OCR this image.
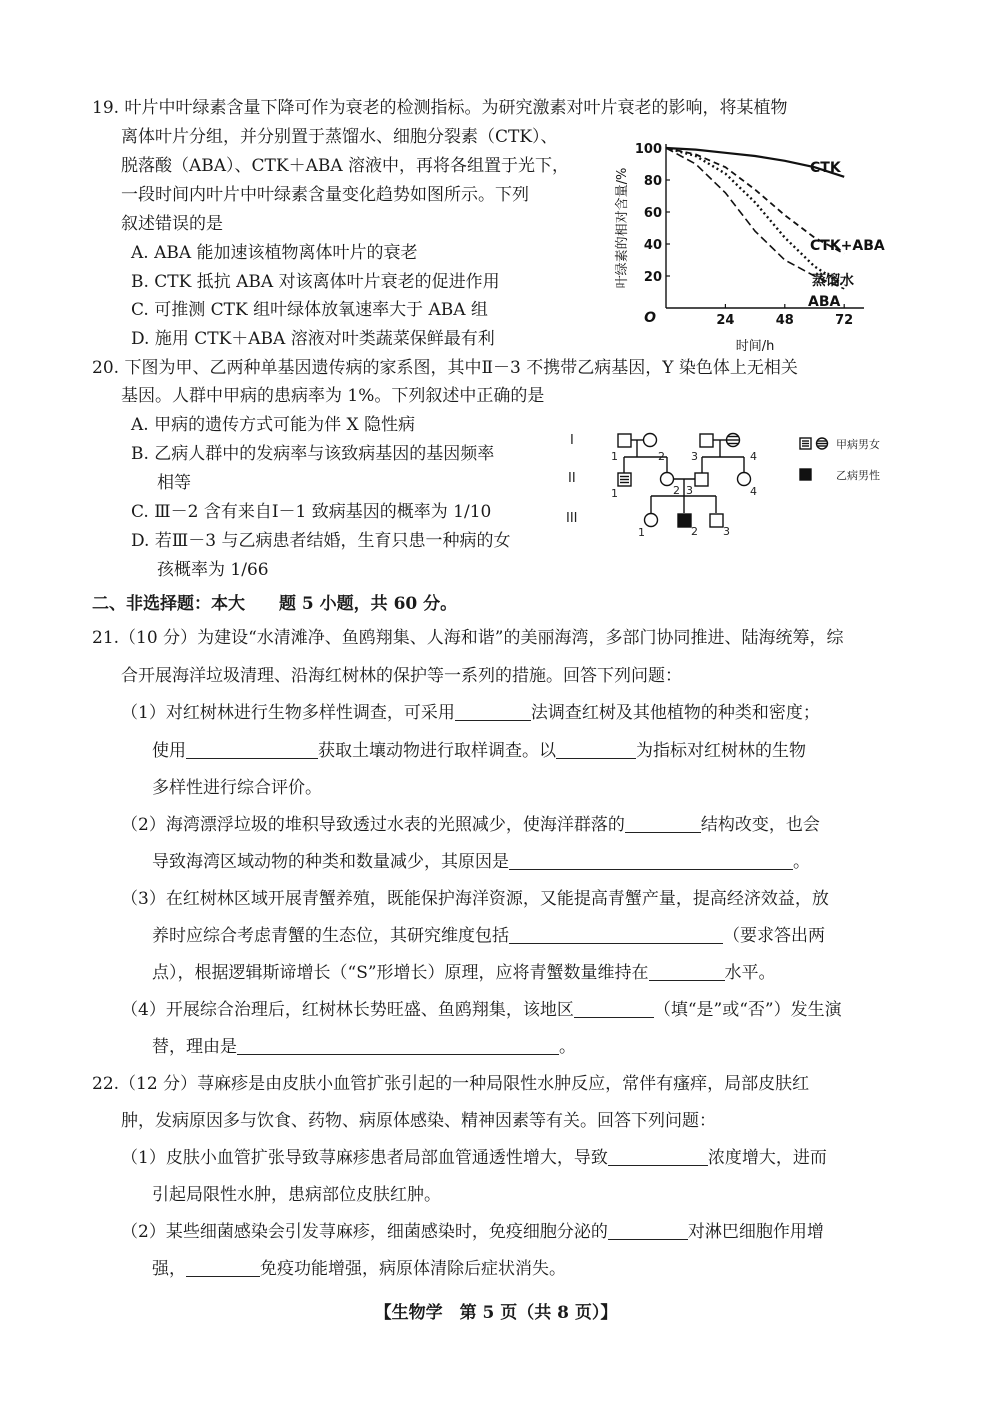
19. 叶片中叶绿素含量下降可作为衰老的检测指标。为研究激素对叶片衰老的影响，将某植物
离体叶片分组，并分别置于蒸馏水、细胞分裂素（CTK）、
脱落酸（ABA）、CTK＋ABA 溶液中，再将各组置于光下，
一段时间内叶片中叶绿素含量变化趋势如图所示。下列
叙述错误的是
A. ABA 能加速该植物离体叶片的衰老
B. CTK 抵抗 ABA 对该离体叶片衰老的促进作用
C. 可推测 CTK 组叶绿体放氧速率大于 ABA 组
D. 施用 CTK＋ABA 溶液对叶类蔬菜保鲜最有利
24	48	72
20
40
60
80
100
CTK
CTK+ABA
蒸馏水
ABA
O
时间/h
叶绿素的相对含量/%
20. 下图为甲、乙两种单基因遗传病的家系图，其中Ⅱ－3 不携带乙病基因，Y 染色体上无相关
基因。人群中甲病的患病率为 1%。下列叙述中正确的是
A. 甲病的遗传方式可能为伴 X 隐性病
B. 乙病人群中的发病率与该致病基因的基因频率
相等
C. Ⅲ－2 含有来自Ⅰ－1 致病基因的概率为 1/10
D. 若Ⅲ－3 与乙病患者结婚，生育只患一种病的女
孩概率为 1/66
I
II
III
1	2 3	4
1	2 3	4
1	2 3
甲病男女
乙病男性
二、非选择题：本大　　题 5 小题，共 60 分。
21.（10 分）为建设“水清滩净、鱼鸥翔集、人海和谐”的美丽海湾，多部门协同推进、陆海统筹，综
合开展海洋垃圾清理、沿海红树林的保护等一系列的措施。回答下列问题：
（1）对红树林进行生物多样性调查，可采用	法调查红树及其他植物的种类和密度；
使用	获取土壤动物进行取样调查。以	为指标对红树林的生物
多样性进行综合评价。
（2）海湾漂浮垃圾的堆积导致透过水表的光照减少，使海洋群落的	结构改变，也会
导致海湾区域动物的种类和数量减少，其原因是	。
（3）在红树林区域开展青蟹养殖，既能保护海洋资源，又能提高青蟹产量，提高经济效益，放
养时应综合考虑青蟹的生态位，其研究维度包括	（要求答出两
点），根据逻辑斯谛增长（“S”形增长）原理，应将青蟹数量维持在	水平。
（4）开展综合治理后，红树林长势旺盛、鱼鸥翔集，该地区	（填“是”或“否”）发生演
替，理由是	。
22.（12 分）荨麻疹是由皮肤小血管扩张引起的一种局限性水肿反应，常伴有瘙痒，局部皮肤红
肿，发病原因多与饮食、药物、病原体感染、精神因素等有关。回答下列问题：
（1）皮肤小血管扩张导致荨麻疹患者局部血管通透性增大，导致	浓度增大，进而
引起局限性水肿，患病部位皮肤红肿。
（2）某些细菌感染会引发荨麻疹，细菌感染时，免疫细胞分泌的	对淋巴细胞作用增
强，	免疫功能增强，病原体清除后症状消失。
【生物学　第 5 页（共 8 页）】
